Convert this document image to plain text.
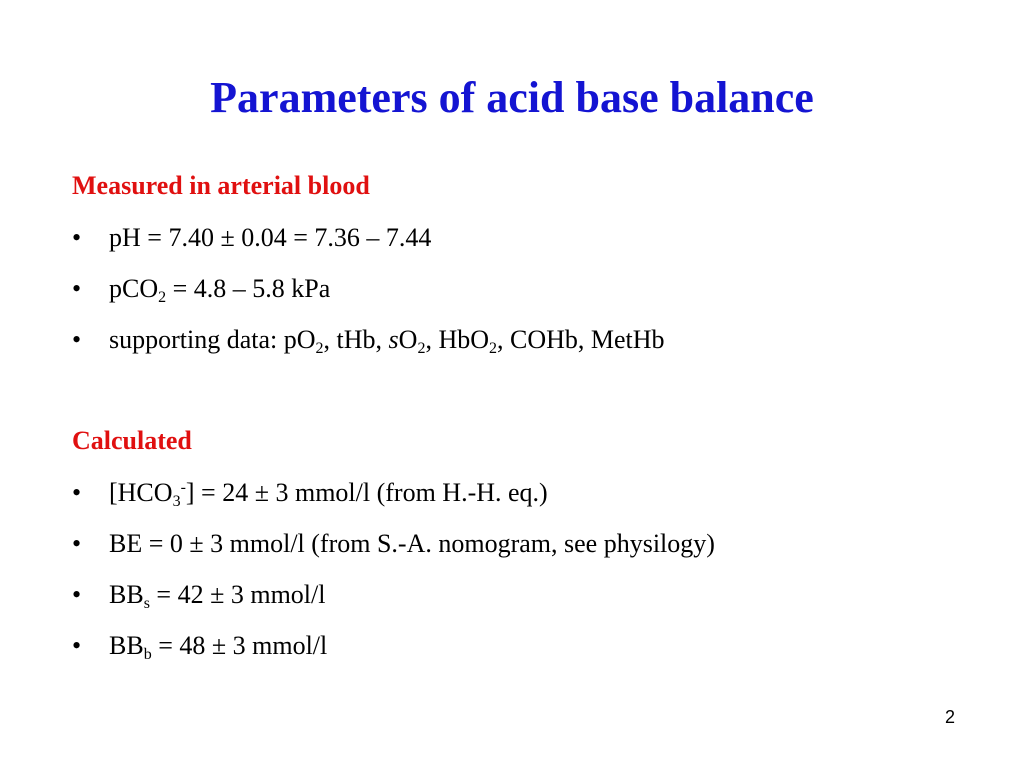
Parameters of acid base balance
Measured in arterial blood
• pH = 7.40 ± 0.04 = 7.36 – 7.44
• pCO$_2$ = 4.8 – 5.8 kPa
• supporting data: $pO_2$, tHb, $sO_2$, HbO$_2$, COHb, MetHb
Calculated
• $[HCO_3^-] = 24 \pm 3$ mmol/l (from H.-H. eq.)
• BE = 0 ± 3 mmol/l (from S.-A. nomogram, see physilogy)
• $BB_s = 42 \pm 3$ mmol/l
• $BB_b = 48 \pm 3$ mmol/l
2
